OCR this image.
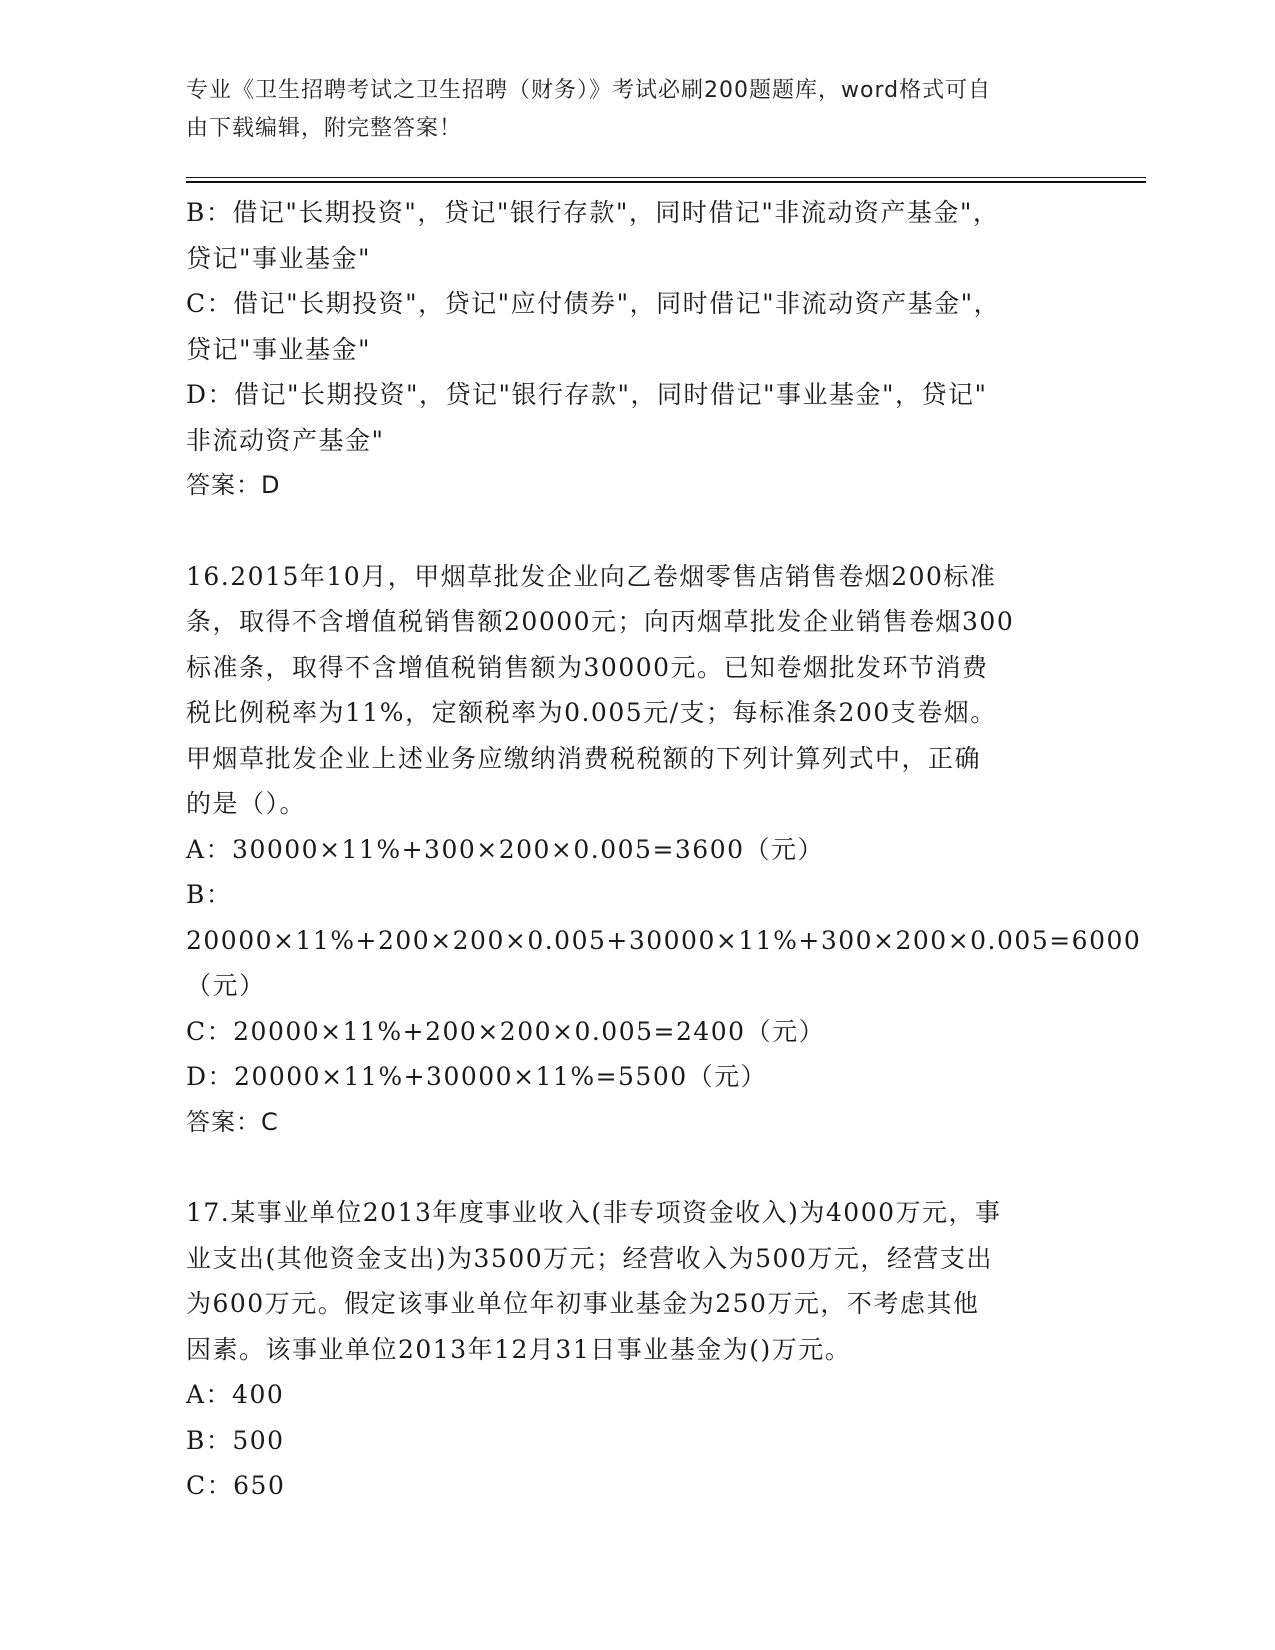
专业《卫生招聘考试之卫生招聘（财务）》考试必刷200题题库，word格式可自
由下载编辑，附完整答案！

B：借记"长期投资"，贷记"银行存款"，同时借记"非流动资产基金"，

贷记"事业基金"

C：借记"长期投资"，贷记"应付债券"，同时借记"非流动资产基金"，

贷记"事业基金"

D：借记"长期投资"，贷记"银行存款"，同时借记"事业基金"，贷记"

非流动资产基金"

答案：D

16.2015年10月，甲烟草批发企业向乙卷烟零售店销售卷烟200标准

条，取得不含增值税销售额20000元；向丙烟草批发企业销售卷烟300

标准条，取得不含增值税销售额为30000元。已知卷烟批发环节消费

税比例税率为11%，定额税率为0.005元/支；每标准条200支卷烟。

甲烟草批发企业上述业务应缴纳消费税税额的下列计算列式中，正确

的是（）。

A：30000×11%+300×200×0.005=3600（元）

B：20000×11%+200×200×0.005+30000×11%+300×200×0.005=6000

（元）

C：20000×11%+200×200×0.005=2400（元）

D：20000×11%+30000×11%=5500（元）

答案：C

17.某事业单位2013年度事业收入(非专项资金收入)为4000万元，事

业支出(其他资金支出)为3500万元；经营收入为500万元，经营支出

为600万元。假定该事业单位年初事业基金为250万元，不考虑其他

因素。该事业单位2013年12月31日事业基金为()万元。

A：400

B：500

C：650
